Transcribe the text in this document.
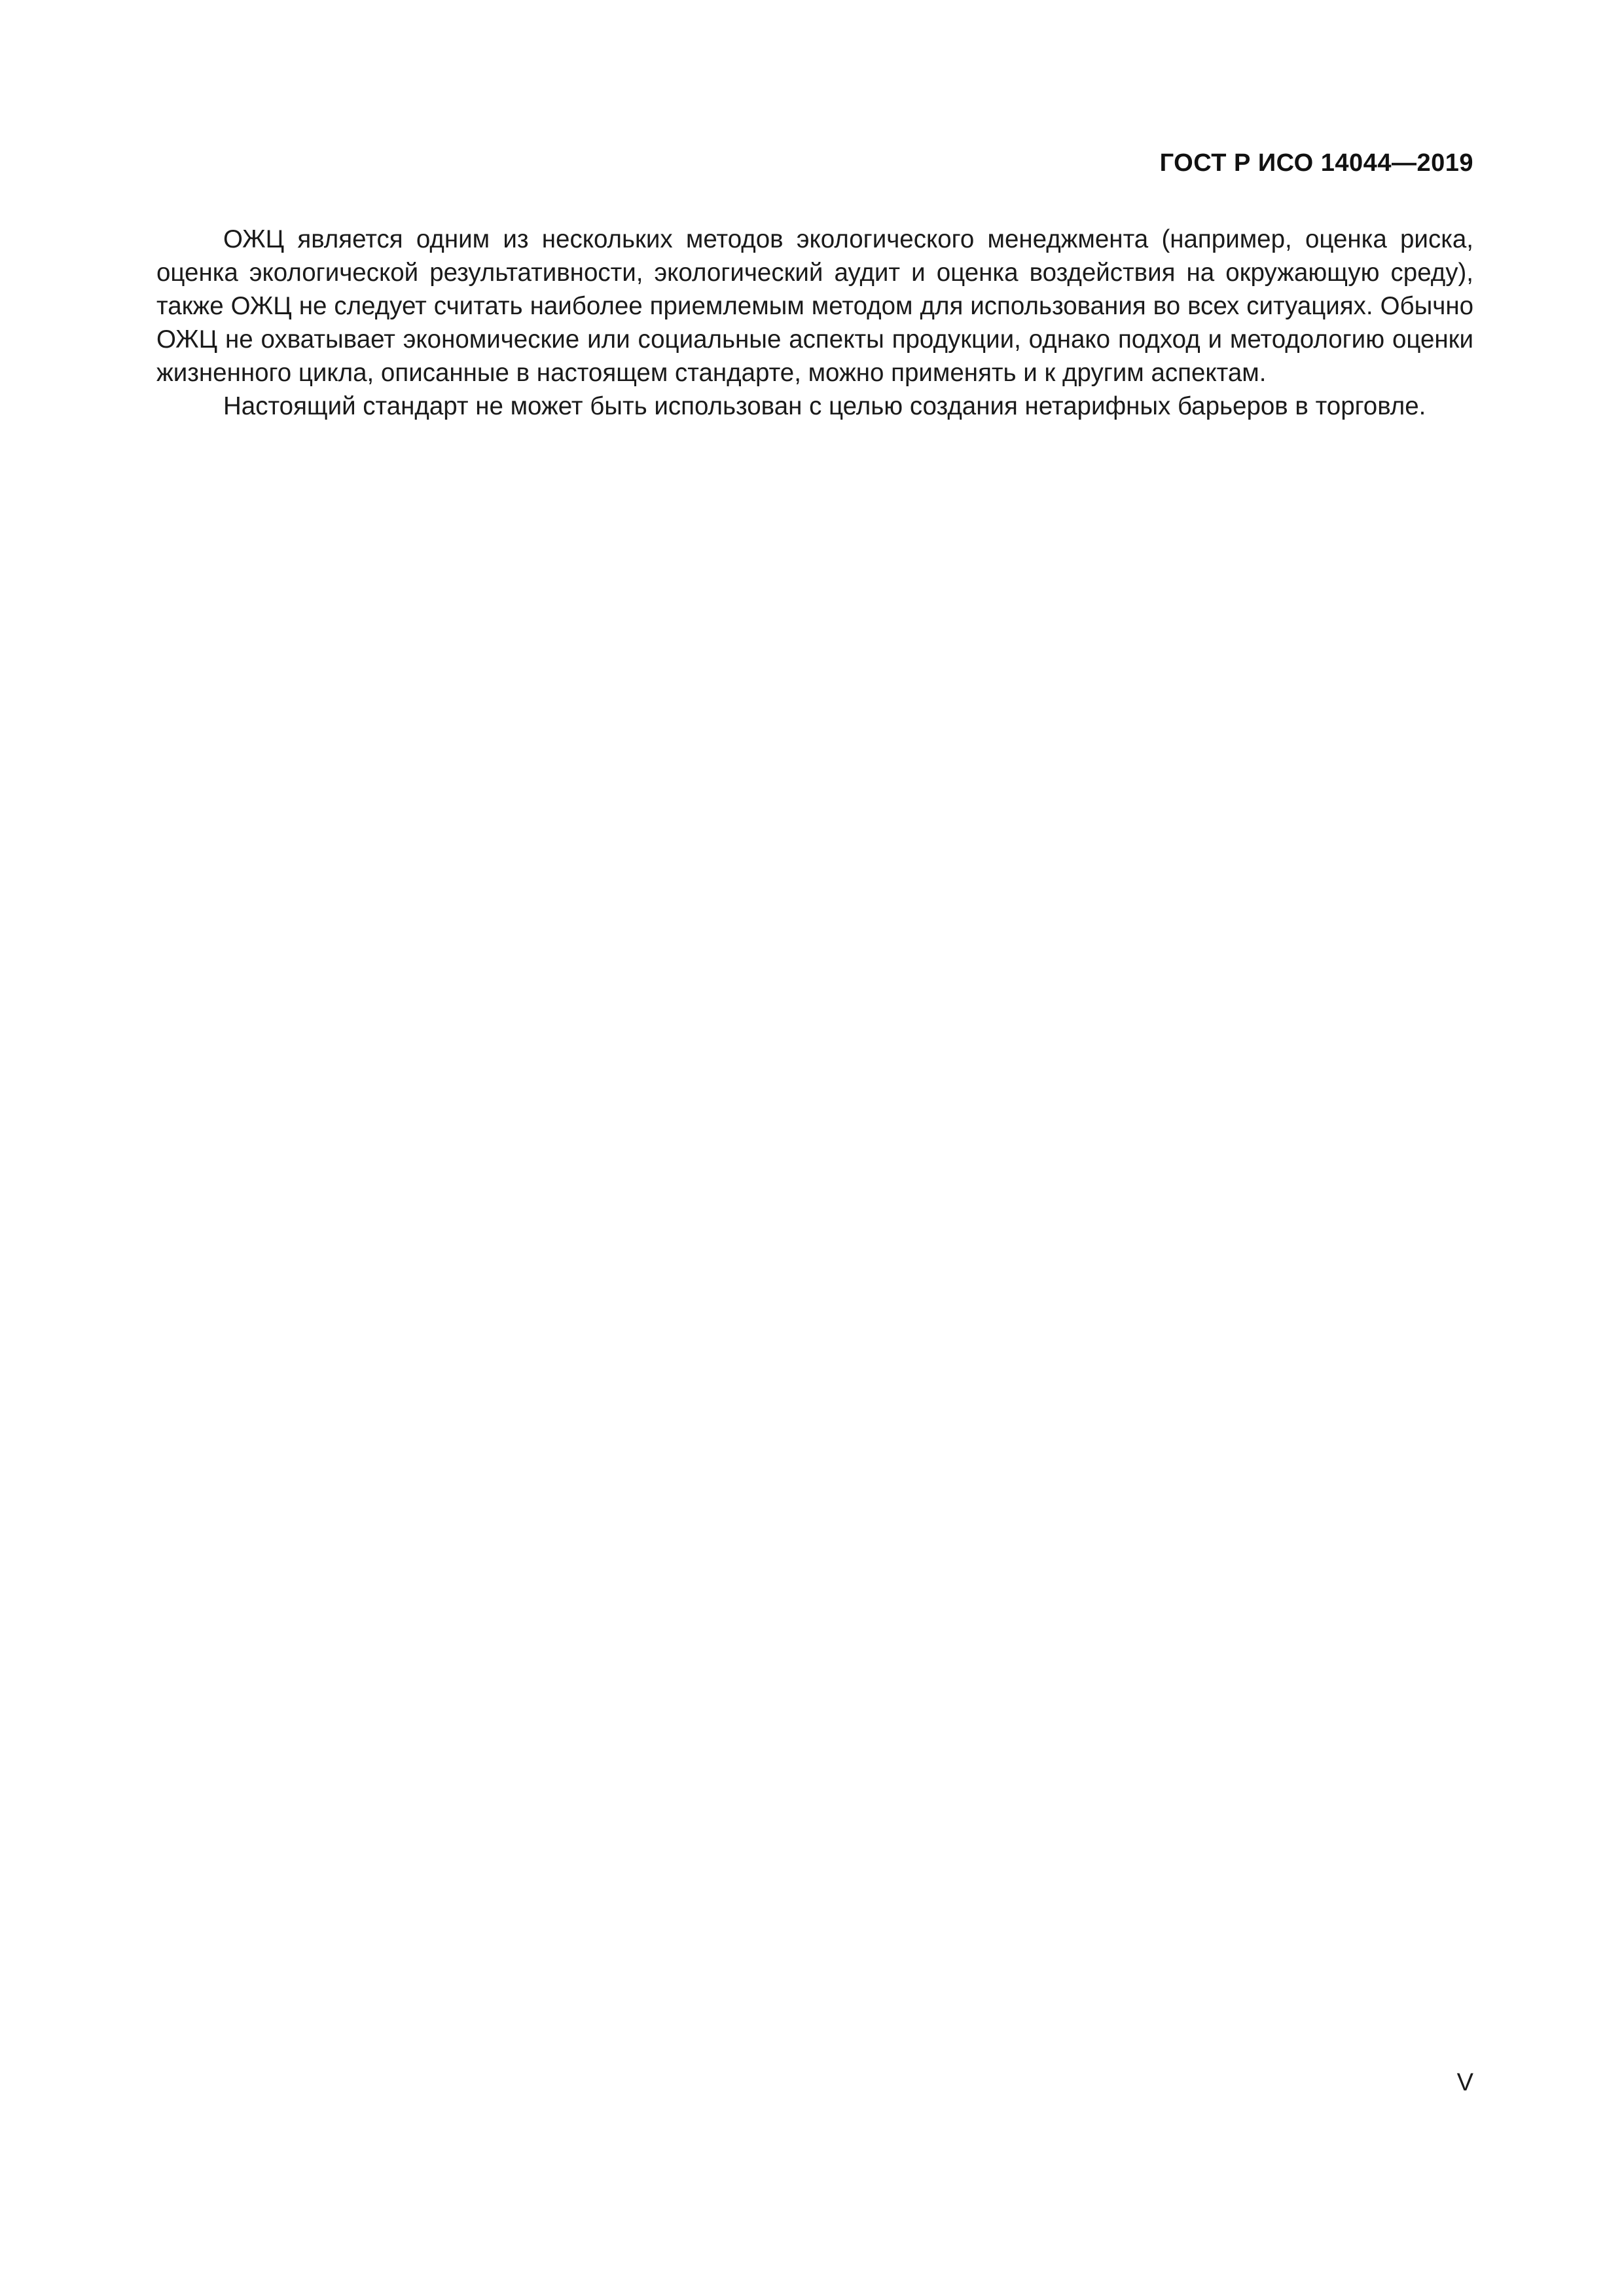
ГОСТ Р ИСО 14044—2019

ОЖЦ является одним из нескольких методов экологического менеджмента (например, оценка риска, оценка экологической результативности, экологический аудит и оценка воздействия на окружающую среду), также ОЖЦ не следует считать наиболее приемлемым методом для использования во всех ситуациях. Обычно ОЖЦ не охватывает экономические или социальные аспекты продукции, однако подход и методологию оценки жизненного цикла, описанные в настоящем стандарте, можно применять и к другим аспектам.

Настоящий стандарт не может быть использован с целью создания нетарифных барьеров в торговле.

V
